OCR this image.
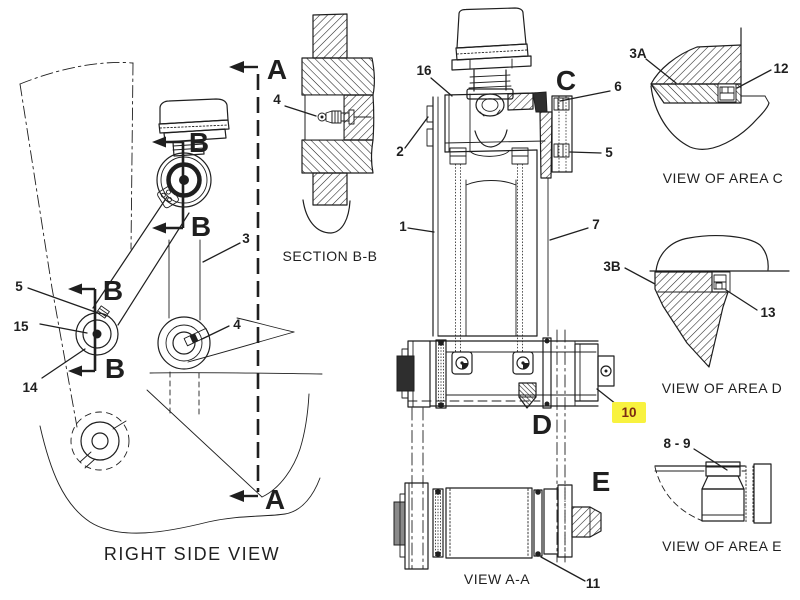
5
15
14
3
4
A
A
B
B
B
B
RIGHT SIDE VIEW
4
SECTION B-B
16
2
1
C	6
5
7
3B
D	10
E
11
VIEW A-A
3A
12
VIEW OF AREA C
13
VIEW OF AREA D
8 - 9
VIEW OF AREA E
